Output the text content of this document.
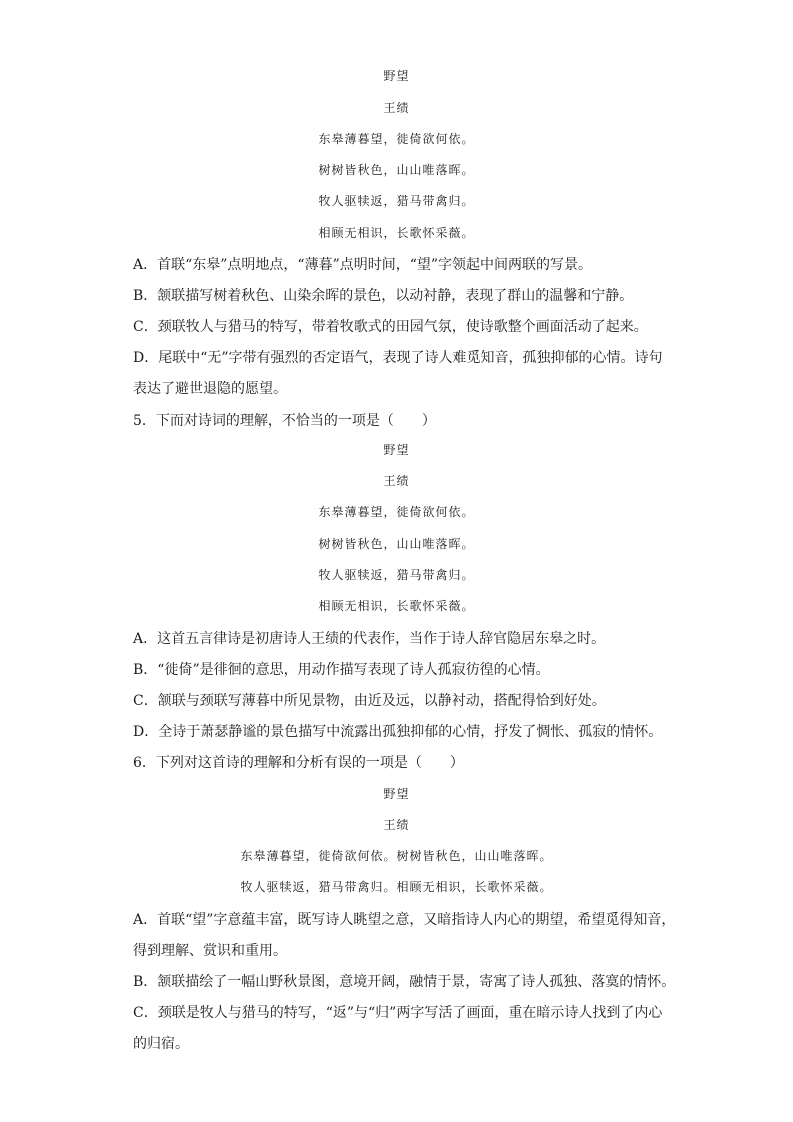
野望
王绩
东皋薄暮望，徙倚欲何依。
树树皆秋色，山山唯落晖。
牧人驱犊返，猎马带禽归。
相顾无相识，长歌怀采薇。
A．首联“东皋”点明地点，“薄暮”点明时间，“望”字领起中间两联的写景。
B．颔联描写树着秋色、山染余晖的景色，以动衬静，表现了群山的温馨和宁静。
C．颈联牧人与猎马的特写，带着牧歌式的田园气氛，使诗歌整个画面活动了起来。
D．尾联中“无”字带有强烈的否定语气，表现了诗人难觅知音，孤独抑郁的心情。诗句
表达了避世退隐的愿望。
5．下而对诗词的理解，不恰当的一项是（　　）
野望
王绩
东皋薄暮望，徙倚欲何依。
树树皆秋色，山山唯落晖。
牧人驱犊返，猎马带禽归。
相顾无相识，长歌怀采薇。
A．这首五言律诗是初唐诗人王绩的代表作，当作于诗人辞官隐居东皋之时。
B．“徙倚”是徘徊的意思，用动作描写表现了诗人孤寂彷徨的心情。
C．颔联与颈联写薄暮中所见景物，由近及远，以静衬动，搭配得恰到好处。
D．全诗于萧瑟静谧的景色描写中流露出孤独抑郁的心情，抒发了惆怅、孤寂的情怀。
6．下列对这首诗的理解和分析有误的一项是（　　）
野望
王绩
东皋薄暮望，徙倚欲何依。树树皆秋色，山山唯落晖。
牧人驱犊返，猎马带禽归。相顾无相识，长歌怀采薇。
A．首联“望”字意蕴丰富，既写诗人眺望之意，又暗指诗人内心的期望，希望觅得知音，
得到理解、赏识和重用。
B．颔联描绘了一幅山野秋景图，意境开阔，融情于景，寄寓了诗人孤独、落寞的情怀。
C．颈联是牧人与猎马的特写，“返”与“归”两字写活了画面，重在暗示诗人找到了内心
的归宿。
